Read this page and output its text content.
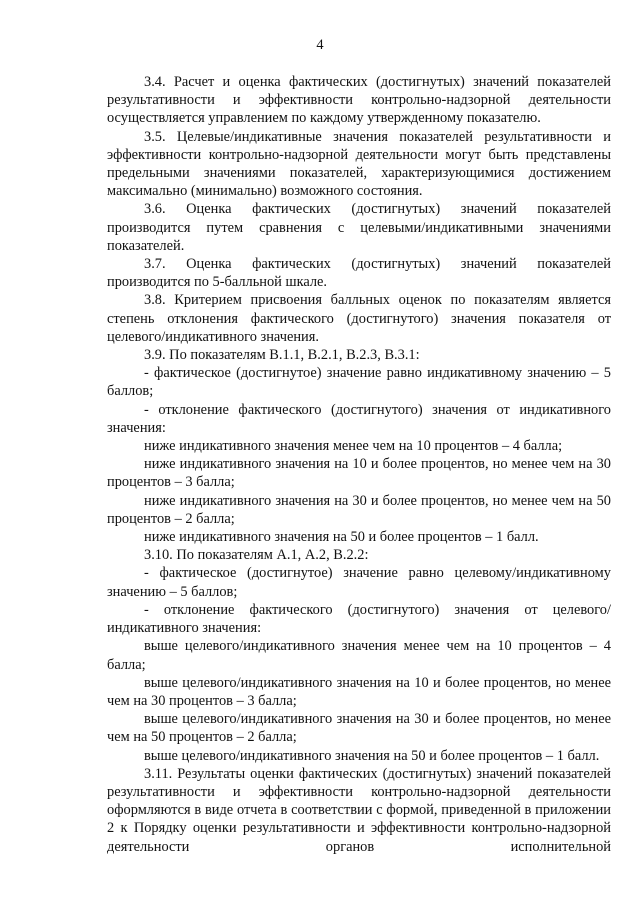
4

3.4. Расчет и оценка фактических (достигнутых) значений показателей результативности и эффективности контрольно-надзорной деятельности осуществляется управлением по каждому утвержденному показателю.

3.5. Целевые/индикативные значения показателей результативности и эффективности контрольно-надзорной деятельности могут быть представлены предельными значениями показателей, характеризующимися достижением максимально (минимально) возможного состояния.

3.6. Оценка фактических (достигнутых) значений показателей производится путем сравнения с целевыми/индикативными значениями показателей.

3.7. Оценка фактических (достигнутых) значений показателей производится по 5-балльной шкале.

3.8. Критерием присвоения балльных оценок по показателям является степень отклонения фактического (достигнутого) значения показателя от целевого/индикативного значения.

3.9. По показателям В.1.1, В.2.1, В.2.3, В.3.1:

- фактическое (достигнутое) значение равно индикативному значению – 5 баллов;

- отклонение фактического (достигнутого) значения от индикативного значения:

ниже индикативного значения менее чем на 10 процентов – 4 балла;

ниже индикативного значения на 10 и более процентов, но менее чем на 30 процентов – 3 балла;

ниже индикативного значения на 30 и более процентов, но менее чем на 50 процентов – 2 балла;

ниже индикативного значения на 50 и более процентов – 1 балл.

3.10. По показателям А.1, А.2, В.2.2:

- фактическое (достигнутое) значение равно целевому/индикативному значению – 5 баллов;

- отклонение фактического (достигнутого) значения от целевого/ индикативного значения:

выше целевого/индикативного значения менее чем на 10 процентов – 4 балла;

выше целевого/индикативного значения на 10 и более процентов, но менее чем на 30 процентов – 3 балла;

выше целевого/индикативного значения на 30 и более процентов, но менее чем на 50 процентов – 2 балла;

выше целевого/индикативного значения на 50 и более процентов – 1 балл.

3.11. Результаты оценки фактических (достигнутых) значений показателей результативности и эффективности контрольно-надзорной деятельности оформляются в виде отчета в соответствии с формой, приведенной в приложении 2 к Порядку оценки результативности и эффективности контрольно-надзорной деятельности органов исполнительной
